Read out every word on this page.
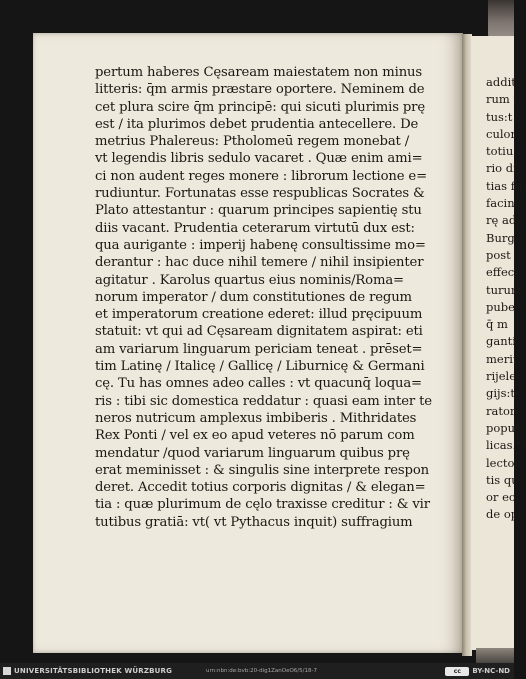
addit
rum t
tus:t
culor
totius
rio di
tias fu
facino
rę adi
Burg
post o
effect
turum
pube
q̄ m
ganti
merita
rijelec
gijs:te
ratore
popul
licas.N
lectori
tis qu
or eor
de opt
pertum haberes Cęsaream maiestatem non minus
litteris: q̄m armis præstare oportere. Neminem de
cet plura scire q̄m principē: qui sicuti plurimis prę
est / ita plurimos debet prudentia antecellere. De
metrius Phalereus: Ptholomeū regem monebat /
vt legendis libris sedulo vacaret . Quæ enim ami=
ci non audent reges monere : librorum lectione e=
rudiuntur. Fortunatas esse respublicas Socrates &
Plato attestantur : quarum principes sapientię stu
diis vacant. Prudentia ceterarum virtutū dux est:
qua aurigante : imperij habenę consultissime mo=
derantur : hac duce nihil temere / nihil insipienter
agitatur . Karolus quartus eius nominis/Roma=
norum imperator / dum constitutiones de regum
et imperatorum creatione ederet: illud pręcipuum
statuit: vt qui ad Cęsaream dignitatem aspirat: eti
am variarum linguarum periciam teneat . prēset=
tim Latinę / Italicę / Gallicę / Liburnicę & Germani
cę. Tu has omnes adeo calles : vt quacunq̄ loqua=
ris : tibi sic domestica reddatur : quasi eam inter te
neros nutricum amplexus imbiberis . Mithridates
Rex Ponti / vel ex eo apud veteres nō parum com
mendatur /quod variarum linguarum quibus prę
erat meminisset : & singulis sine interprete respon
deret. Accedit totius corporis dignitas / & elegan=
tia : quæ plurimum de cęlo traxisse creditur : & vir
tutibus gratiā: vt( vt Pythacus inquit) suffragium
UNIVERSITÄTSBIBLIOTHEK WÜRZBURG	urn:nbn:de:bvb:20-dig1ZanOeO6/5/18-7	cc	BY-NC-ND
